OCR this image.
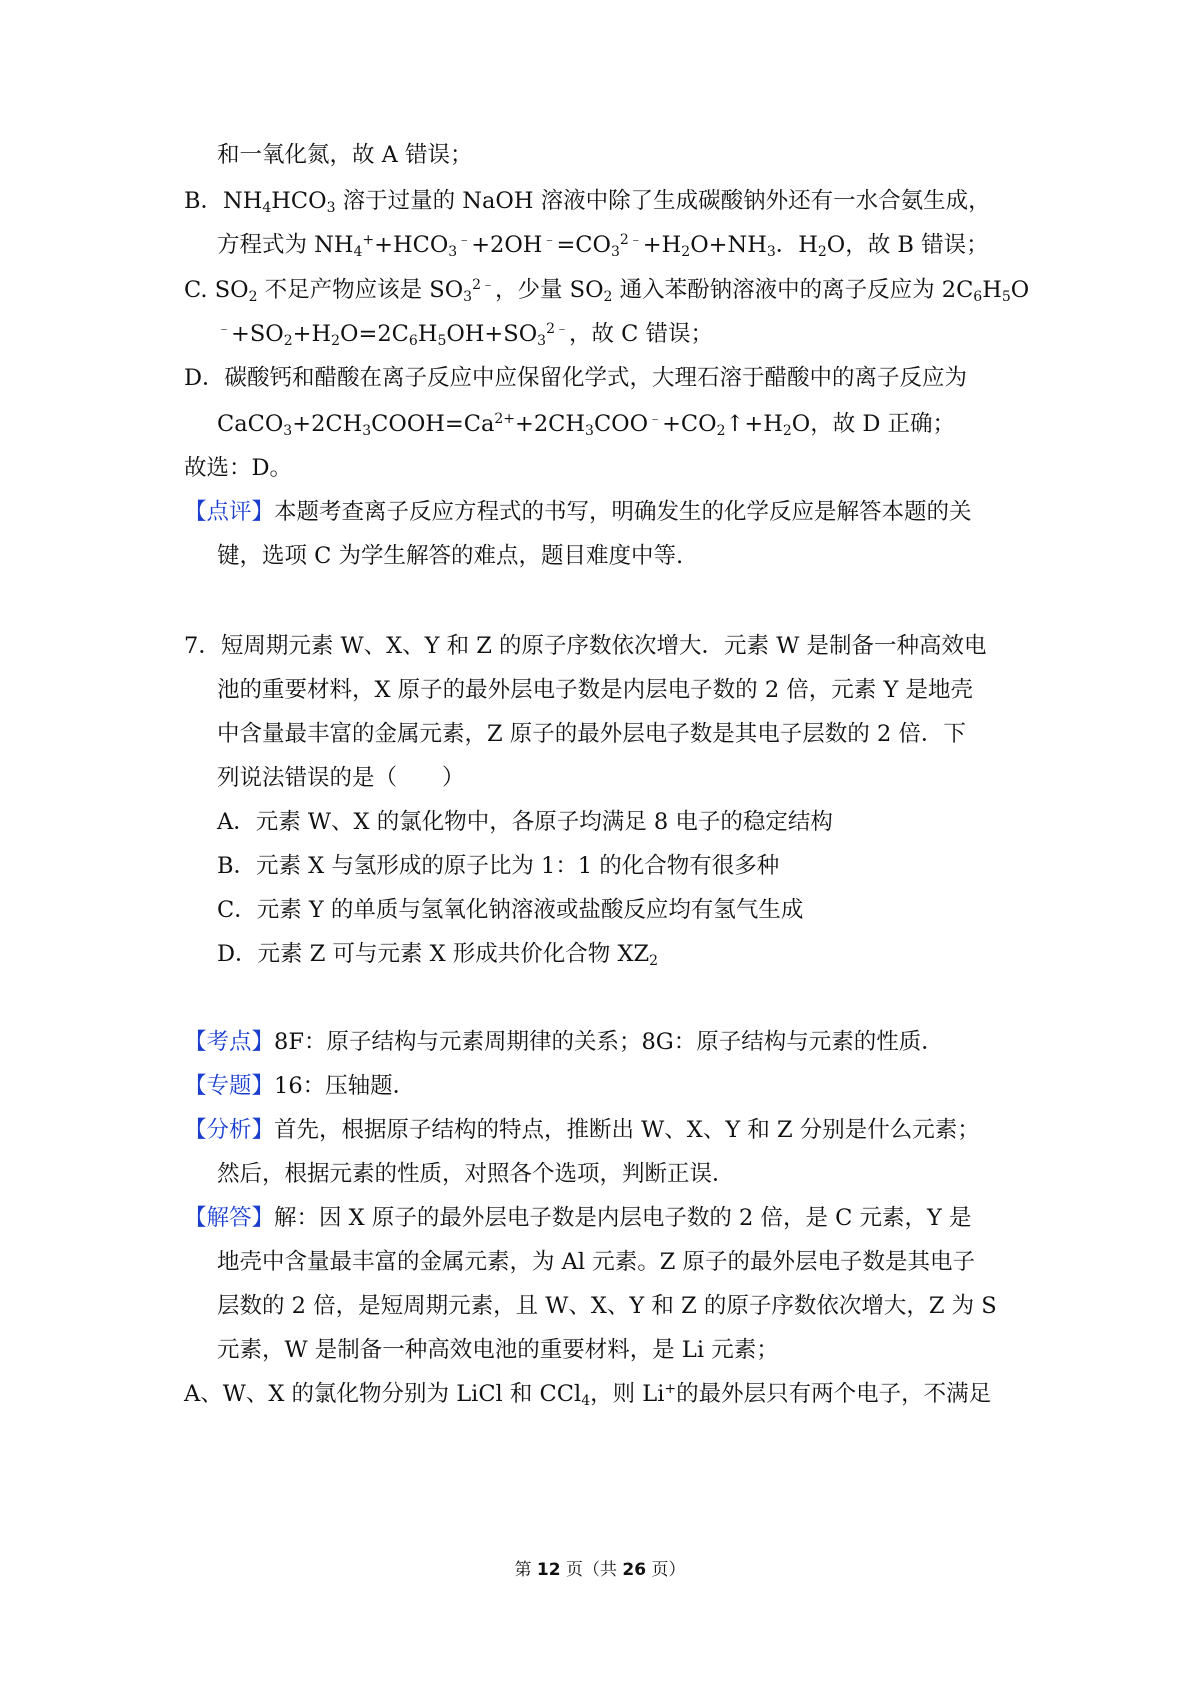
和一氧化氮，故 A 错误；
B．$NH_4HCO_3$ 溶于过量的 NaOH 溶液中除了生成碳酸钠外还有一水合氨生成，
方程式为 $NH_4^++HCO_3^﹣+2OH^﹣=CO_3^{2﹣}+H_2O+NH_3$．$H_2O$，故 B 错误；
C. $SO_2$ 不足产物应该是 $SO_3^{2﹣}$，少量 $SO_2$ 通入苯酚钠溶液中的离子反应为 $2C_6H_5O$
$^﹣+SO_2+H_2O=2C_6H_5OH+SO_3^{2﹣}$，故 C 错误；
D．碳酸钙和醋酸在离子反应中应保留化学式，大理石溶于醋酸中的离子反应为
$CaCO_3+2CH_3COOH=Ca^{2+}+2CH_3COO^﹣+CO_2↑+H_2O$，故 D 正确；
故选：D。
【点评】本题考查离子反应方程式的书写，明确发生的化学反应是解答本题的关
键，选项 C 为学生解答的难点，题目难度中等.
7．短周期元素 W、X、Y 和 Z 的原子序数依次增大．元素 W 是制备一种高效电
池的重要材料，X 原子的最外层电子数是内层电子数的 2 倍，元素 Y 是地壳
中含量最丰富的金属元素，Z 原子的最外层电子数是其电子层数的 2 倍．下
列说法错误的是（　　）
A．元素 W、X 的氯化物中，各原子均满足 8 电子的稳定结构
B．元素 X 与氢形成的原子比为 1：1 的化合物有很多种
C．元素 Y 的单质与氢氧化钠溶液或盐酸反应均有氢气生成
D．元素 Z 可与元素 X 形成共价化合物 $XZ_2$
【考点】8F：原子结构与元素周期律的关系；8G：原子结构与元素的性质．
【专题】16：压轴题．
【分析】首先，根据原子结构的特点，推断出 W、X、Y 和 Z 分别是什么元素；
然后，根据元素的性质，对照各个选项，判断正误．
【解答】解：因 X 原子的最外层电子数是内层电子数的 2 倍，是 C 元素，Y 是
地壳中含量最丰富的金属元素，为 Al 元素。Z 原子的最外层电子数是其电子
层数的 2 倍，是短周期元素，且 W、X、Y 和 Z 的原子序数依次增大，Z 为 S
元素，W 是制备一种高效电池的重要材料，是 Li 元素；
A、W、X 的氯化物分别为 LiCl 和 CCl$_4$，则 Li+的最外层只有两个电子，不满足
第 12 页（共 26 页）
